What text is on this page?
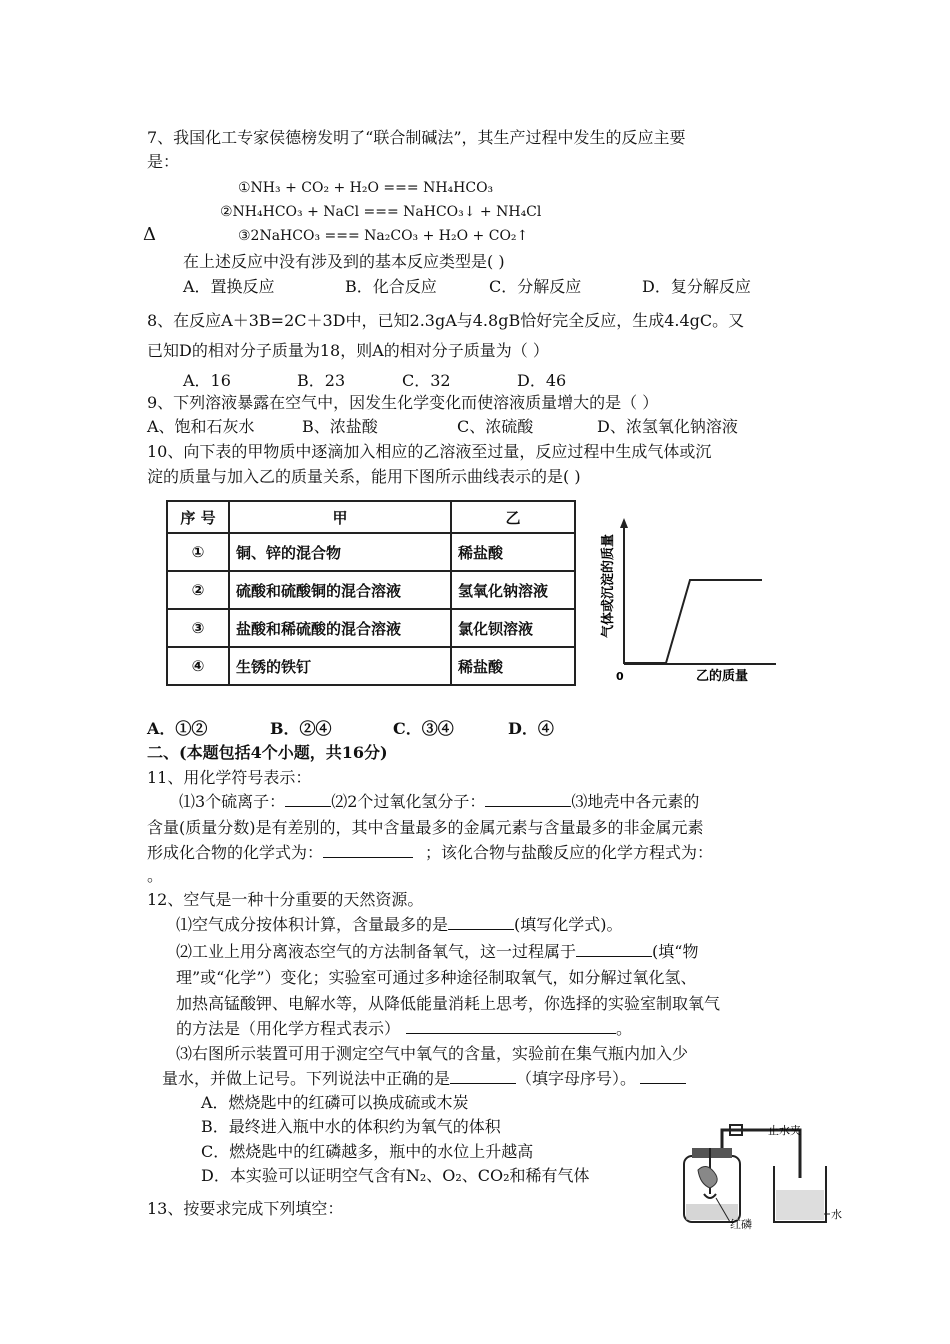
7、我国化工专家侯德榜发明了“联合制碱法”，其生产过程中发生的反应主要
是：
①NH₃ + CO₂ + H₂O === NH₄HCO₃
②NH₄HCO₃ + NaCl === NaHCO₃↓ + NH₄Cl
Δ	③2NaHCO₃ === Na₂CO₃ + H₂O + CO₂↑
在上述反应中没有涉及到的基本反应类型是( )
A．置换反应	B．化合反应	C．分解反应	D．复分解反应
8、在反应A＋3B=2C＋3D中，已知2.3gA与4.8gB恰好完全反应，生成4.4gC。又
已知D的相对分子质量为18，则A的相对分子质量为（ ）
A．16	B．23	C．32	D．46
9、下列溶液暴露在空气中，因发生化学变化而使溶液质量增大的是（ ）
A、饱和石灰水	B、浓盐酸	C、浓硫酸	D、浓氢氧化钠溶液
10、向下表的甲物质中逐滴加入相应的乙溶液至过量，反应过程中生成气体或沉
淀的质量与加入乙的质量关系，能用下图所示曲线表示的是( )
序 号	甲	乙
①	铜、锌的混合物	稀盐酸
②	硫酸和硫酸铜的混合溶液	氢氧化钠溶液
③	盐酸和稀硫酸的混合溶液	氯化钡溶液
④	生锈的铁钉	稀盐酸
0	乙的质量
气体或沉淀的质量
A．①②	B．②④	C．③④	D．④
二、(本题包括4个小题，共16分)
11、用化学符号表示：
⑴3个硫离子：	⑵2个过氧化氢分子：	⑶地壳中各元素的
含量(质量分数)是有差别的，其中含量最多的金属元素与含量最多的非金属元素
形成化合物的化学式为：	；该化合物与盐酸反应的化学方程式为：
。
12、空气是一种十分重要的天然资源。
⑴空气成分按体积计算，含量最多的是	(填写化学式)。
⑵工业上用分离液态空气的方法制备氧气，这一过程属于	(填“物
理”或“化学”）变化；实验室可通过多种途径制取氧气，如分解过氧化氢、
加热高锰酸钾、电解水等，从降低能量消耗上思考，你选择的实验室制取氧气
的方法是（用化学方程式表示）	。
⑶右图所示装置可用于测定空气中氧气的含量，实验前在集气瓶内加入少
量水，并做上记号。下列说法中正确的是	（填字母序号）。
A．燃烧匙中的红磷可以换成硫或木炭
B．最终进入瓶中水的体积约为氧气的体积
C．燃烧匙中的红磷越多，瓶中的水位上升越高
D．本实验可以证明空气含有N₂、O₂、CO₂和稀有气体
止水夹
水
红磷
13、按要求完成下列填空：
